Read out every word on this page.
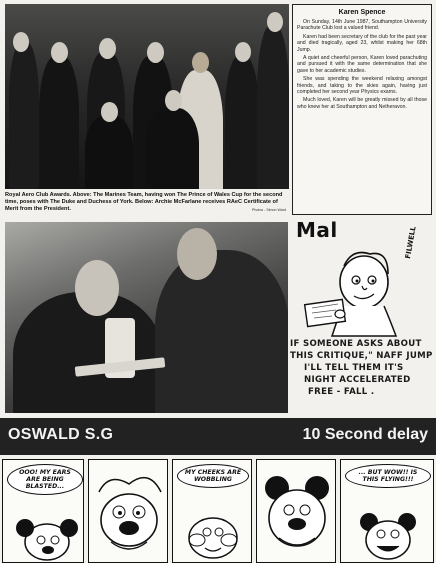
Royal Aero Club Awards. Above: The Marines Team, having won The Prince of Wales Cup for the second time, poses with The Duke and Duchess of York. Below: Archie McFarlane receives RAeC Certificate of Merit from the President.	Photos - Simon Ward
Karen Spence

On Sunday, 14th June 1987, Southampton University Parachute Club lost a valued friend.

Karen had been secretary of the club for the past year and died tragically, aged 23, whilst making her 68th Jump.

A quiet and cheerful person, Karen loved parachuting and pursued it with the same determination that she gave to her academic studies.

She was spending the weekend relaxing amongst friends, and taking to the skies again, having just completed her second year Physics exams.

Much loved, Karen will be greatly missed by all those who knew her at Southampton and Netheravon.

Mal	FILWELL
IF SOMEONE ASKS ABOUT
THIS CRITIQUE," NAFF JUMP
I'LL TELL THEM IT'S
NIGHT ACCELERATED
FREE - FALL .
OSWALD S.G	10 Second delay
OOO! MY EARS ARE BEING BLASTED...
MY CHEEKS ARE WOBBLING
... BUT WOW!! IS THIS FLYING!!!
